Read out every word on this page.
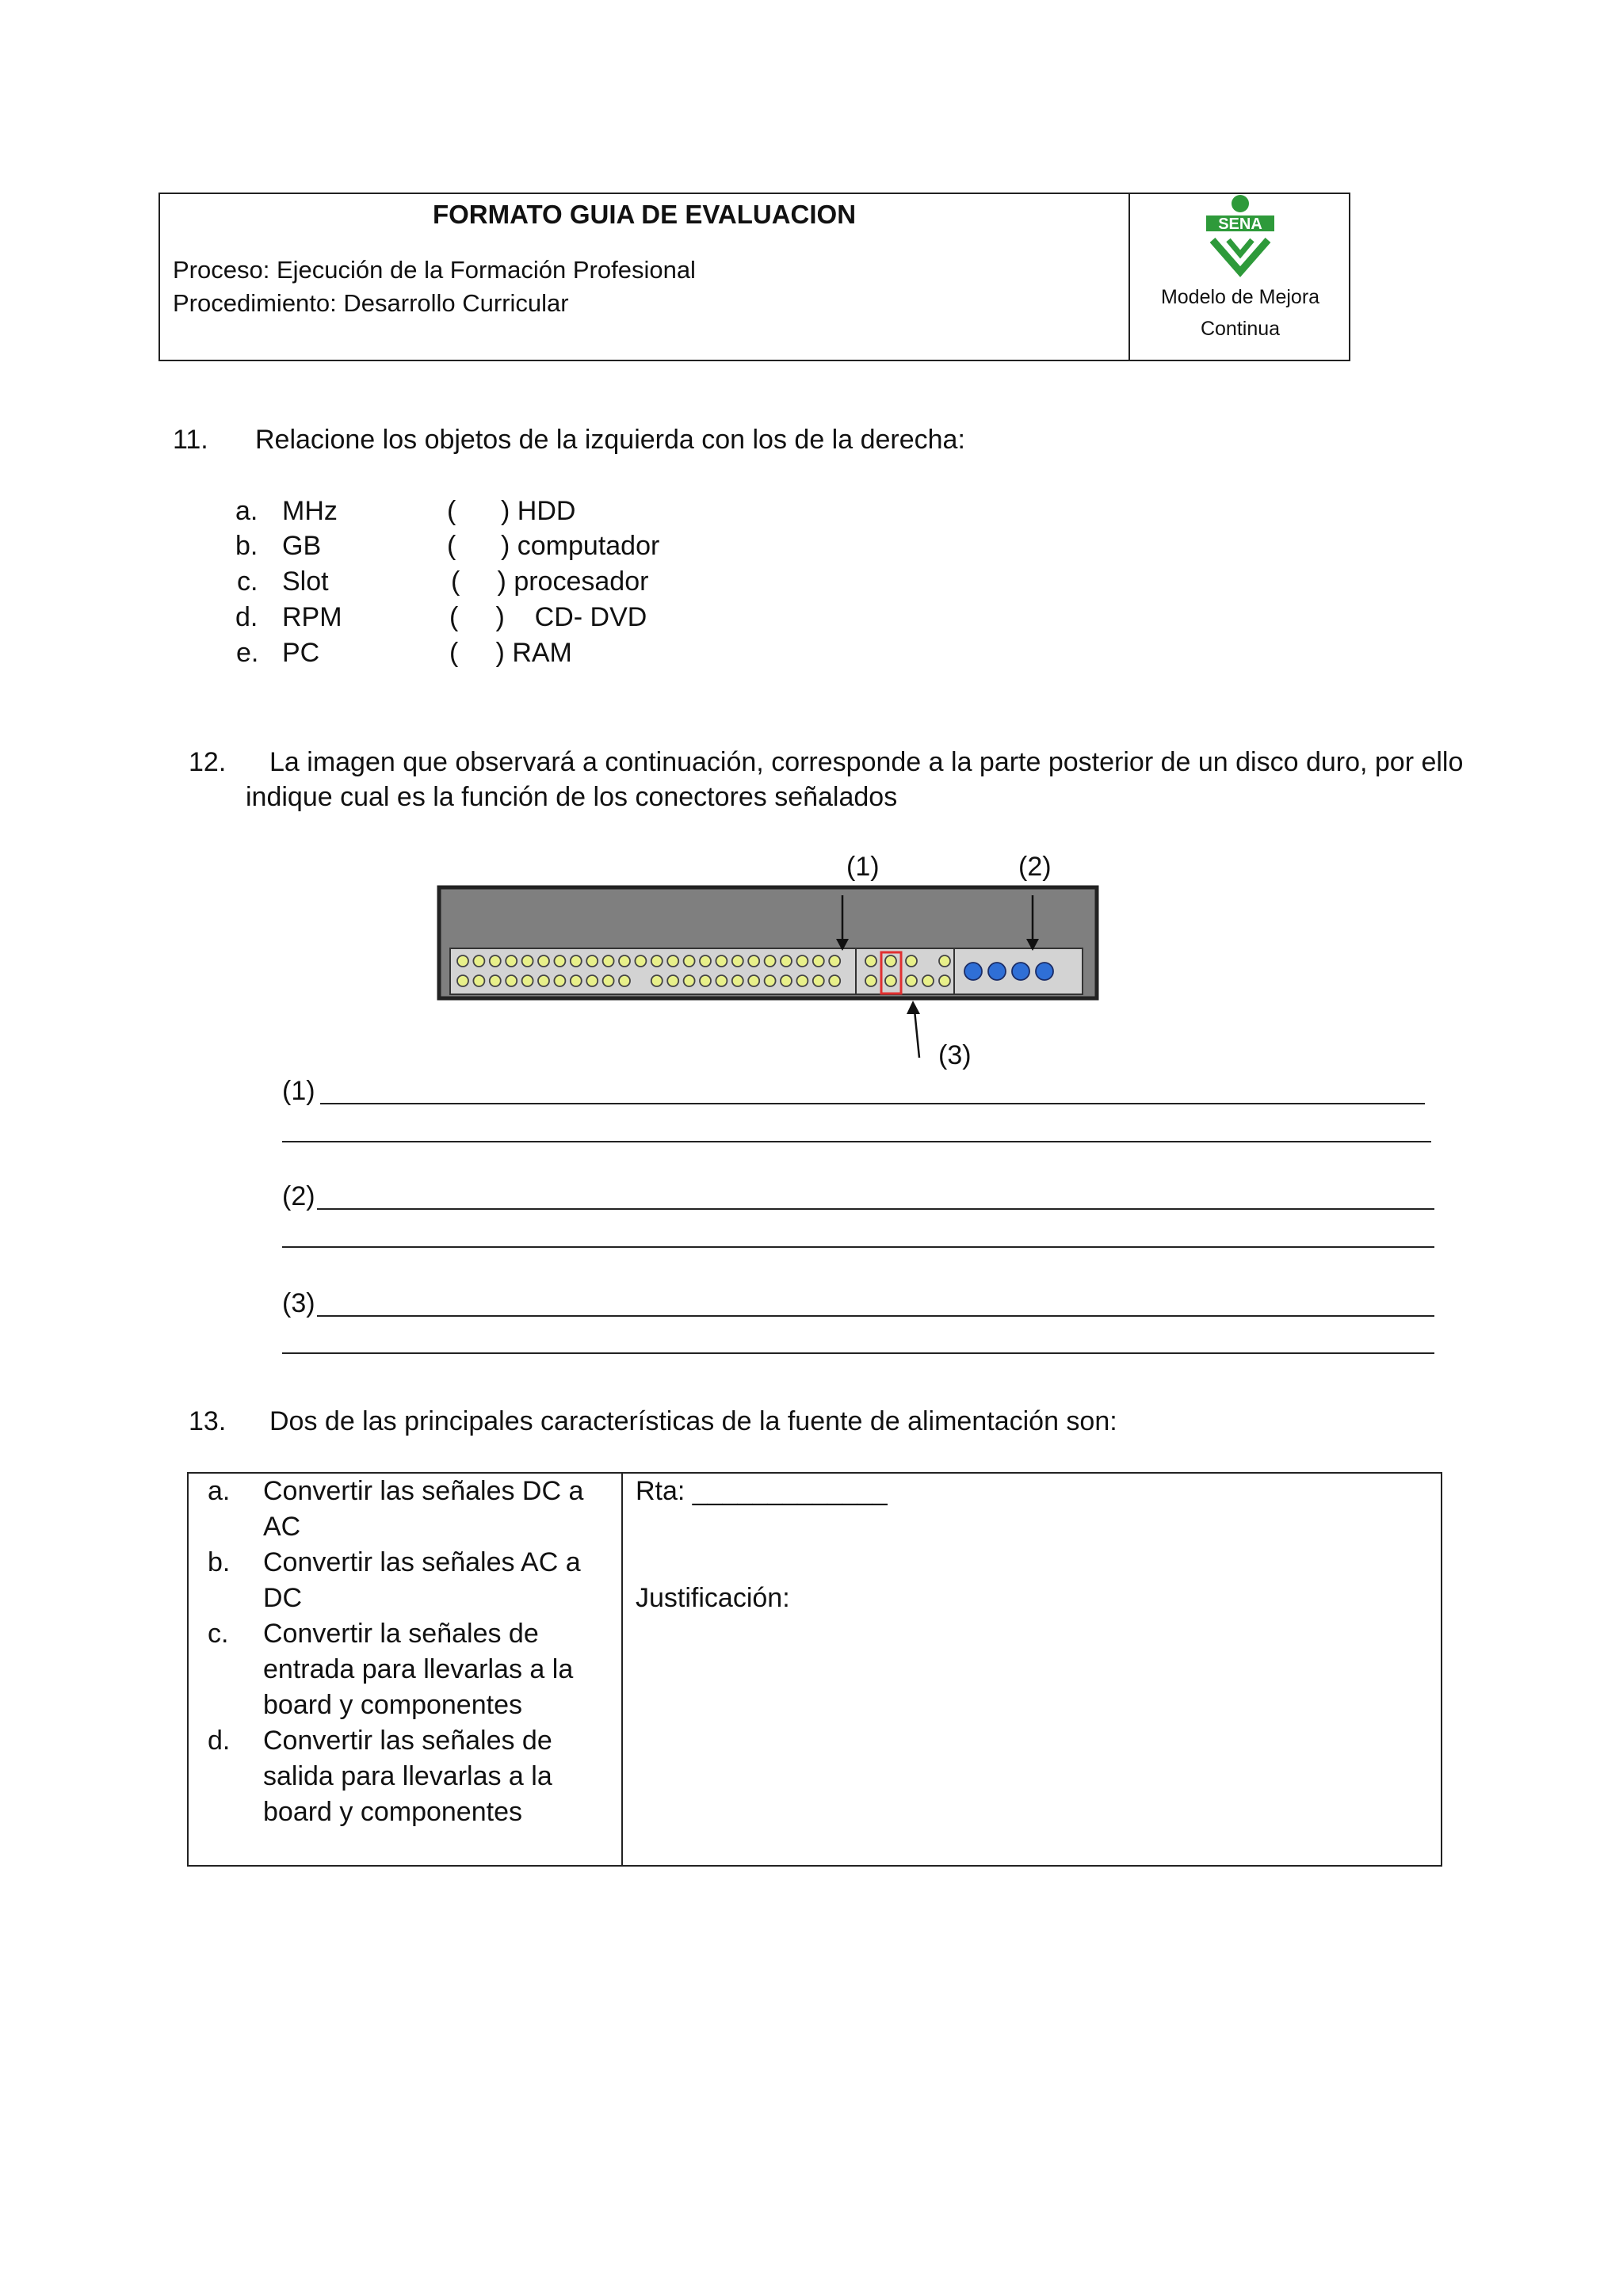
FORMATO GUIA DE EVALUACION
Proceso: Ejecución de la Formación Profesional
Procedimiento: Desarrollo Curricular
SENA
Modelo de Mejora
Continua
11. Relacione los objetos de la izquierda con los de la derecha:
a. MHz
b. GB
c. Slot
d. RPM
e. PC
(      ) HDD
(      ) computador
(     ) procesador
(     )    CD- DVD
(     ) RAM
12. La imagen que observará a continuación, corresponde a la parte posterior de un disco duro, por ello
indique cual es la función de los conectores señalados
(1)	(2)
(3)
(1)
(2)
(3)
13. Dos de las principales características de la fuente de alimentación son:
a. Convertir las señales DC a
AC
b. Convertir las señales AC a
DC
c. Convertir la señales de
entrada para llevarlas a la
board y componentes
d. Convertir las señales de
salida para llevarlas a la
board y componentes
Rta: _____________
Justificación:
